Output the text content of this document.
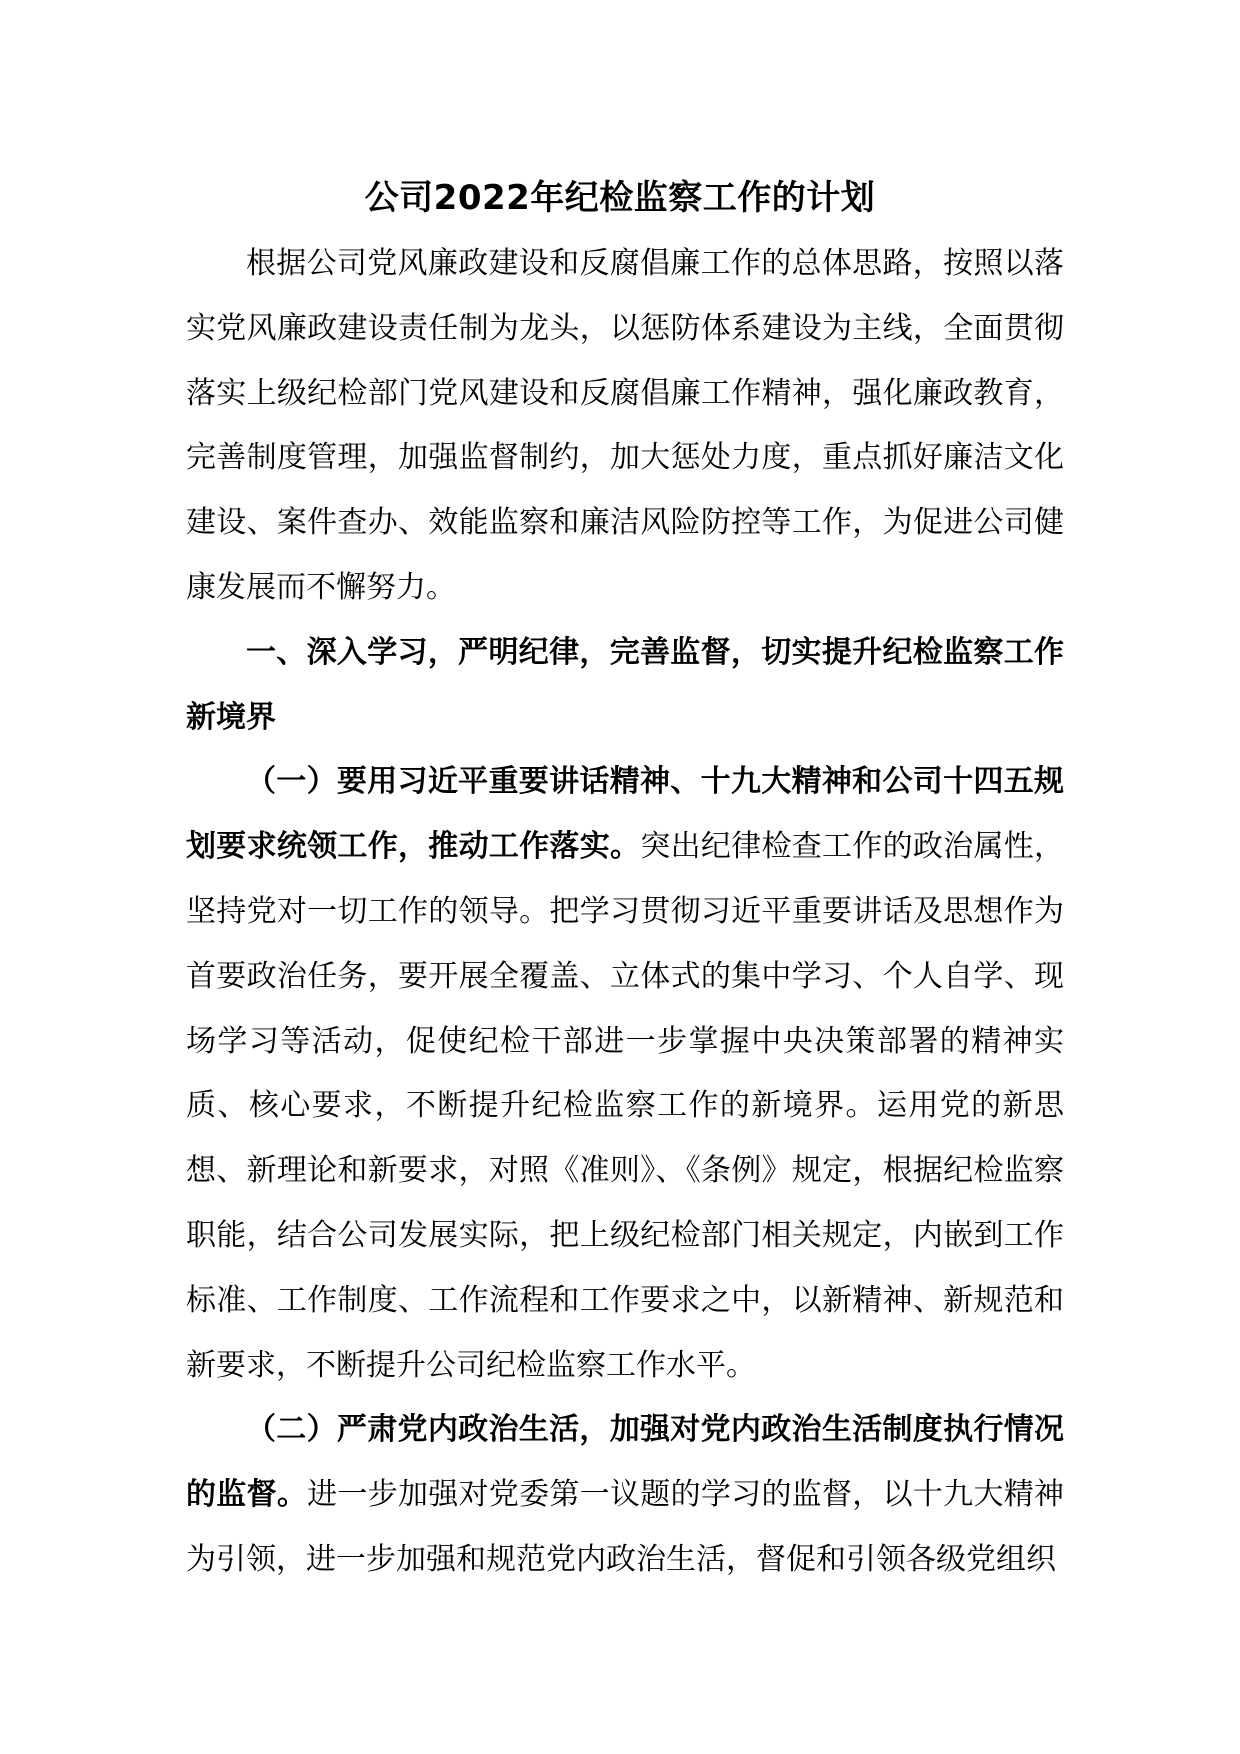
公司2022年纪检监察工作的计划

根据公司党风廉政建设和反腐倡廉工作的总体思路，按照以落实党风廉政建设责任制为龙头，以惩防体系建设为主线，全面贯彻落实上级纪检部门党风建设和反腐倡廉工作精神，强化廉政教育，完善制度管理，加强监督制约，加大惩处力度，重点抓好廉洁文化建设、案件查办、效能监察和廉洁风险防控等工作，为促进公司健康发展而不懈努力。

一、深入学习，严明纪律，完善监督，切实提升纪检监察工作新境界

（一）要用习近平重要讲话精神、十九大精神和公司十四五规划要求统领工作，推动工作落实。突出纪律检查工作的政治属性，坚持党对一切工作的领导。把学习贯彻习近平重要讲话及思想作为首要政治任务，要开展全覆盖、立体式的集中学习、个人自学、现场学习等活动，促使纪检干部进一步掌握中央决策部署的精神实质、核心要求，不断提升纪检监察工作的新境界。运用党的新思想、新理论和新要求，对照《准则》、《条例》规定，根据纪检监察职能，结合公司发展实际，把上级纪检部门相关规定，内嵌到工作标准、工作制度、工作流程和工作要求之中，以新精神、新规范和新要求，不断提升公司纪检监察工作水平。

（二）严肃党内政治生活，加强对党内政治生活制度执行情况的监督。进一步加强对党委第一议题的学习的监督，以十九大精神为引领，进一步加强和规范党内政治生活，督促和引领各级党组织
